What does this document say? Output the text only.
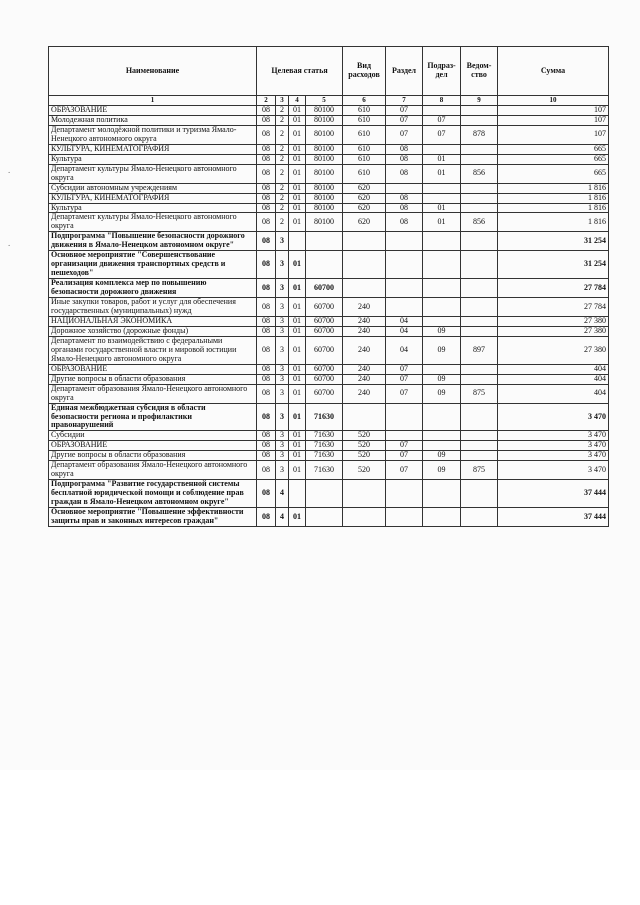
.
.
Наименование	Целевая статья				Вид расходов	Раздел	Подраз-дел	Ведом-ство	Сумма
1	2	3	4	5	6	7	8	9	10
ОБРАЗОВАНИЕ	08	2	01	80100	610	07			107
Молодежная политика	08	2	01	80100	610	07	07		107
Департамент молодёжной политики и туризма Ямало-Ненецкого автономного округа	08	2	01	80100	610	07	07	878	107
КУЛЬТУРА, КИНЕМАТОГРАФИЯ	08	2	01	80100	610	08			665
Культура	08	2	01	80100	610	08	01		665
Департамент культуры Ямало-Ненецкого автономного округа	08	2	01	80100	610	08	01	856	665
Субсидии автономным учреждениям	08	2	01	80100	620				1 816
КУЛЬТУРА, КИНЕМАТОГРАФИЯ	08	2	01	80100	620	08			1 816
Культура	08	2	01	80100	620	08	01		1 816
Департамент культуры Ямало-Ненецкого автономного округа	08	2	01	80100	620	08	01	856	1 816
Подпрограмма "Повышение безопасности дорожного движения в Ямало-Ненецком автономном округе"	08	3							31 254
Основное мероприятие "Совершенствование организации движения транспортных средств и пешеходов"	08	3	01						31 254
Реализация комплекса мер по повышению безопасности дорожного движения	08	3	01	60700					27 784
Иные закупки товаров, работ и услуг для обеспечения государственных (муниципальных) нужд	08	3	01	60700	240				27 784
НАЦИОНАЛЬНАЯ ЭКОНОМИКА	08	3	01	60700	240	04			27 380
Дорожное хозяйство (дорожные фонды)	08	3	01	60700	240	04	09		27 380
Департамент по взаимодействию с федеральными органами государственной власти и мировой юстиции Ямало-Ненецкого автономного округа	08	3	01	60700	240	04	09	897	27 380
ОБРАЗОВАНИЕ	08	3	01	60700	240	07			404
Другие вопросы в области образования	08	3	01	60700	240	07	09		404
Департамент образования Ямало-Ненецкого автономного округа	08	3	01	60700	240	07	09	875	404
Единая межбюджетная субсидия в области безопасности региона и профилактики правонарушений	08	3	01	71630					3 470
Субсидии	08	3	01	71630	520				3 470
ОБРАЗОВАНИЕ	08	3	01	71630	520	07			3 470
Другие вопросы в области образования	08	3	01	71630	520	07	09		3 470
Департамент образования Ямало-Ненецкого автономного округа	08	3	01	71630	520	07	09	875	3 470
Подпрограмма "Развитие государственной системы бесплатной юридической помощи и соблюдение прав граждан в Ямало-Ненецком автономном округе"	08	4							37 444
Основное мероприятие "Повышение эффективности защиты прав и законных интересов граждан"	08	4	01						37 444
